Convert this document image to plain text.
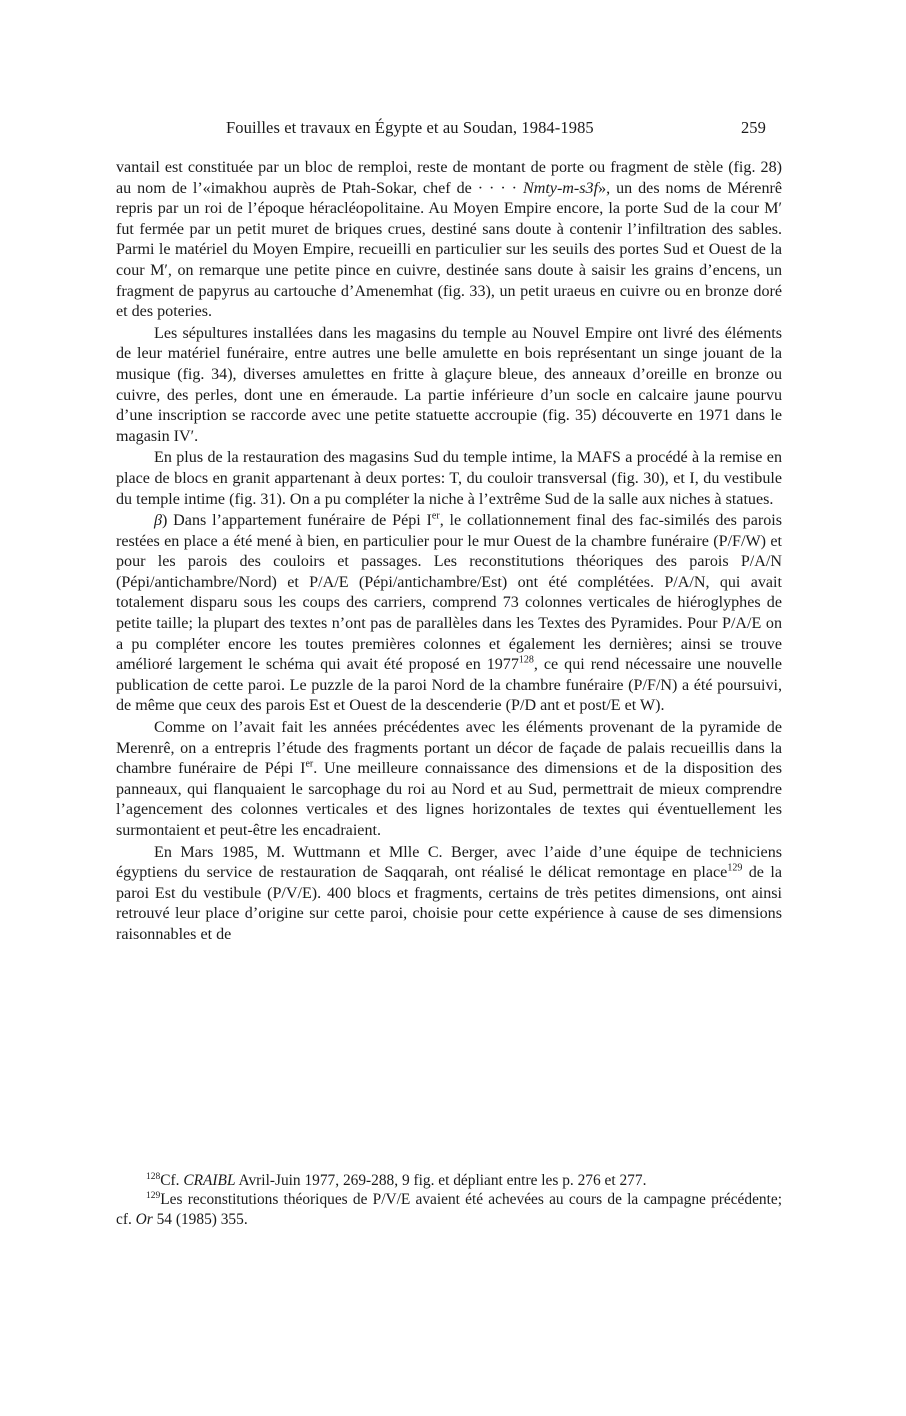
Fouilles et travaux en Égypte et au Soudan, 1984-1985	259

vantail est constituée par un bloc de remploi, reste de montant de porte ou fragment de stèle (fig. 28) au nom de l’«imakhou auprès de Ptah-Sokar, chef de · · · · Nmty-m-s3f», un des noms de Mérenrê repris par un roi de l’époque héracléopolitaine. Au Moyen Empire encore, la porte Sud de la cour M′ fut fermée par un petit muret de briques crues, destiné sans doute à contenir l’infiltration des sables. Parmi le matériel du Moyen Empire, recueilli en particulier sur les seuils des portes Sud et Ouest de la cour M′, on remarque une petite pince en cuivre, destinée sans doute à saisir les grains d’encens, un fragment de papyrus au cartouche d’Amenemhat (fig. 33), un petit uraeus en cuivre ou en bronze doré et des poteries.

Les sépultures installées dans les magasins du temple au Nouvel Empire ont livré des éléments de leur matériel funéraire, entre autres une belle amulette en bois représentant un singe jouant de la musique (fig. 34), diverses amulettes en fritte à glaçure bleue, des anneaux d’oreille en bronze ou cuivre, des perles, dont une en émeraude. La partie inférieure d’un socle en calcaire jaune pourvu d’une inscription se raccorde avec une petite statuette accroupie (fig. 35) découverte en 1971 dans le magasin IV′.

En plus de la restauration des magasins Sud du temple intime, la MAFS a procédé à la remise en place de blocs en granit appartenant à deux portes: T, du couloir transversal (fig. 30), et I, du vestibule du temple intime (fig. 31). On a pu compléter la niche à l’extrême Sud de la salle aux niches à statues.

β) Dans l’appartement funéraire de Pépi Ier, le collationnement final des fac-similés des parois restées en place a été mené à bien, en particulier pour le mur Ouest de la chambre funéraire (P/F/W) et pour les parois des couloirs et passages. Les reconstitutions théoriques des parois P/A/N (Pépi/antichambre/Nord) et P/A/E (Pépi/antichambre/Est) ont été complétées. P/A/N, qui avait totalement disparu sous les coups des carriers, comprend 73 colonnes verticales de hiéroglyphes de petite taille; la plupart des textes n’ont pas de parallèles dans les Textes des Pyramides. Pour P/A/E on a pu compléter encore les toutes premières colonnes et également les dernières; ainsi se trouve amélioré largement le schéma qui avait été proposé en 1977$^{128}$, ce qui rend nécessaire une nouvelle publication de cette paroi. Le puzzle de la paroi Nord de la chambre funéraire (P/F/N) a été poursuivi, de même que ceux des parois Est et Ouest de la descenderie (P/D ant et post/E et W).

Comme on l’avait fait les années précédentes avec les éléments provenant de la pyramide de Merenrê, on a entrepris l’étude des fragments portant un décor de façade de palais recueillis dans la chambre funéraire de Pépi Ier. Une meilleure connaissance des dimensions et de la disposition des panneaux, qui flanquaient le sarcophage du roi au Nord et au Sud, permettrait de mieux comprendre l’agencement des colonnes verticales et des lignes horizontales de textes qui éventuellement les surmontaient et peut-être les encadraient.

En Mars 1985, M. Wuttmann et Mlle C. Berger, avec l’aide d’une équipe de techniciens égyptiens du service de restauration de Saqqarah, ont réalisé le délicat remontage en place$^{129}$ de la paroi Est du vestibule (P/V/E). 400 blocs et fragments, certains de très petites dimensions, ont ainsi retrouvé leur place d’origine sur cette paroi, choisie pour cette expérience à cause de ses dimensions raisonnables et de

$^{128}$Cf. CRAIBL Avril-Juin 1977, 269-288, 9 fig. et dépliant entre les p. 276 et 277.

$^{129}$Les reconstitutions théoriques de P/V/E avaient été achevées au cours de la campagne précédente; cf. Or 54 (1985) 355.
